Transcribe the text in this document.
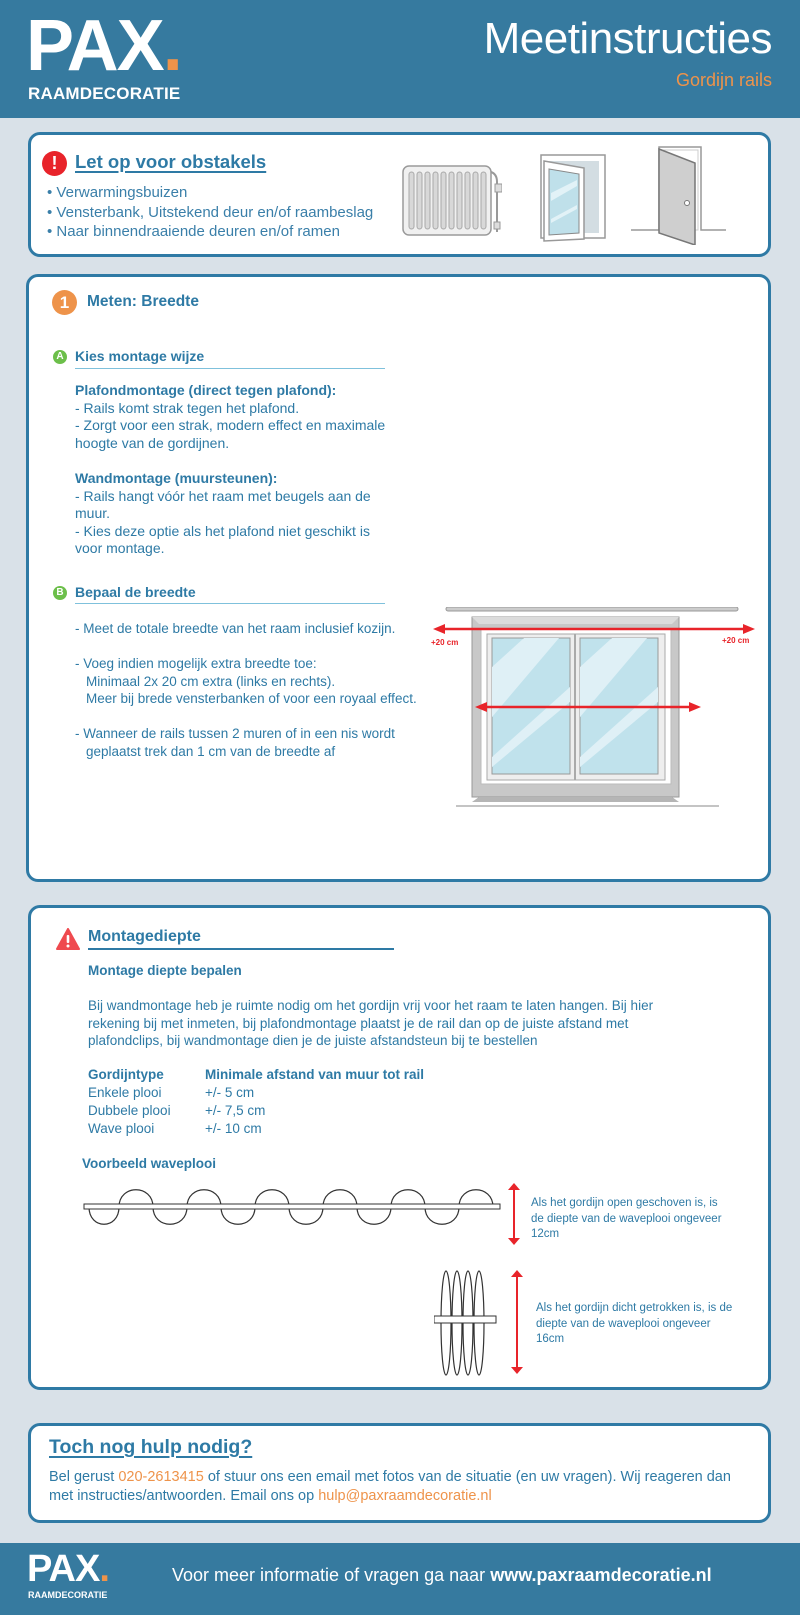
PAX.
RAAMDECORATIE
Meetinstructies
Gordijn rails
! Let op voor obstakels
• Verwarmingsbuizen
• Vensterbank, Uitstekend deur en/of raambeslag
• Naar binnendraaiende deuren en/of ramen
1	Meten: Breedte
A Kies montage wijze
Plafondmontage (direct tegen plafond):
- Rails komt strak tegen het plafond.
- Zorgt voor een strak, modern effect en maximale hoogte van de gordijnen.
Wandmontage (muursteunen):
- Rails hangt vóór het raam met beugels aan de muur.
- Kies deze optie als het plafond niet geschikt is voor montage.
B Bepaal de breedte
- Meet de totale breedte van het raam inclusief kozijn.
- Voeg indien mogelijk extra breedte toe:
Minimaal 2x 20 cm extra (links en rechts).
Meer bij brede vensterbanken of voor een royaal effect.
- Wanneer de rails tussen 2 muren of in een nis wordt
geplaatst trek dan 1 cm van de breedte af
+20 cm	+20 cm
Montagediepte
Montage diepte bepalen
Bij wandmontage heb je ruimte nodig om het gordijn vrij voor het raam te laten hangen. Bij hier
rekening bij met inmeten, bij plafondmontage plaatst je de rail dan op de juiste afstand met
plafondclips, bij wandmontage dien je de juiste afstandsteun bij te bestellen
Gordijntype	Minimale afstand van muur tot rail
Enkele plooi	+/- 5 cm
Dubbele plooi	+/- 7,5 cm
Wave plooi	+/- 10 cm
Voorbeeld waveplooi
Als het gordijn open geschoven is, is
de diepte van de waveplooi ongeveer
12cm
Als het gordijn dicht getrokken is, is de
diepte van de waveplooi ongeveer
16cm
Toch nog hulp nodig?
Bel gerust 020-2613415 of stuur ons een email met fotos van de situatie (en uw vragen). Wij reageren dan
met instructies/antwoorden. Email ons op hulp@paxraamdecoratie.nl
PAX.
RAAMDECORATIE
Voor meer informatie of vragen ga naar www.paxraamdecoratie.nl
